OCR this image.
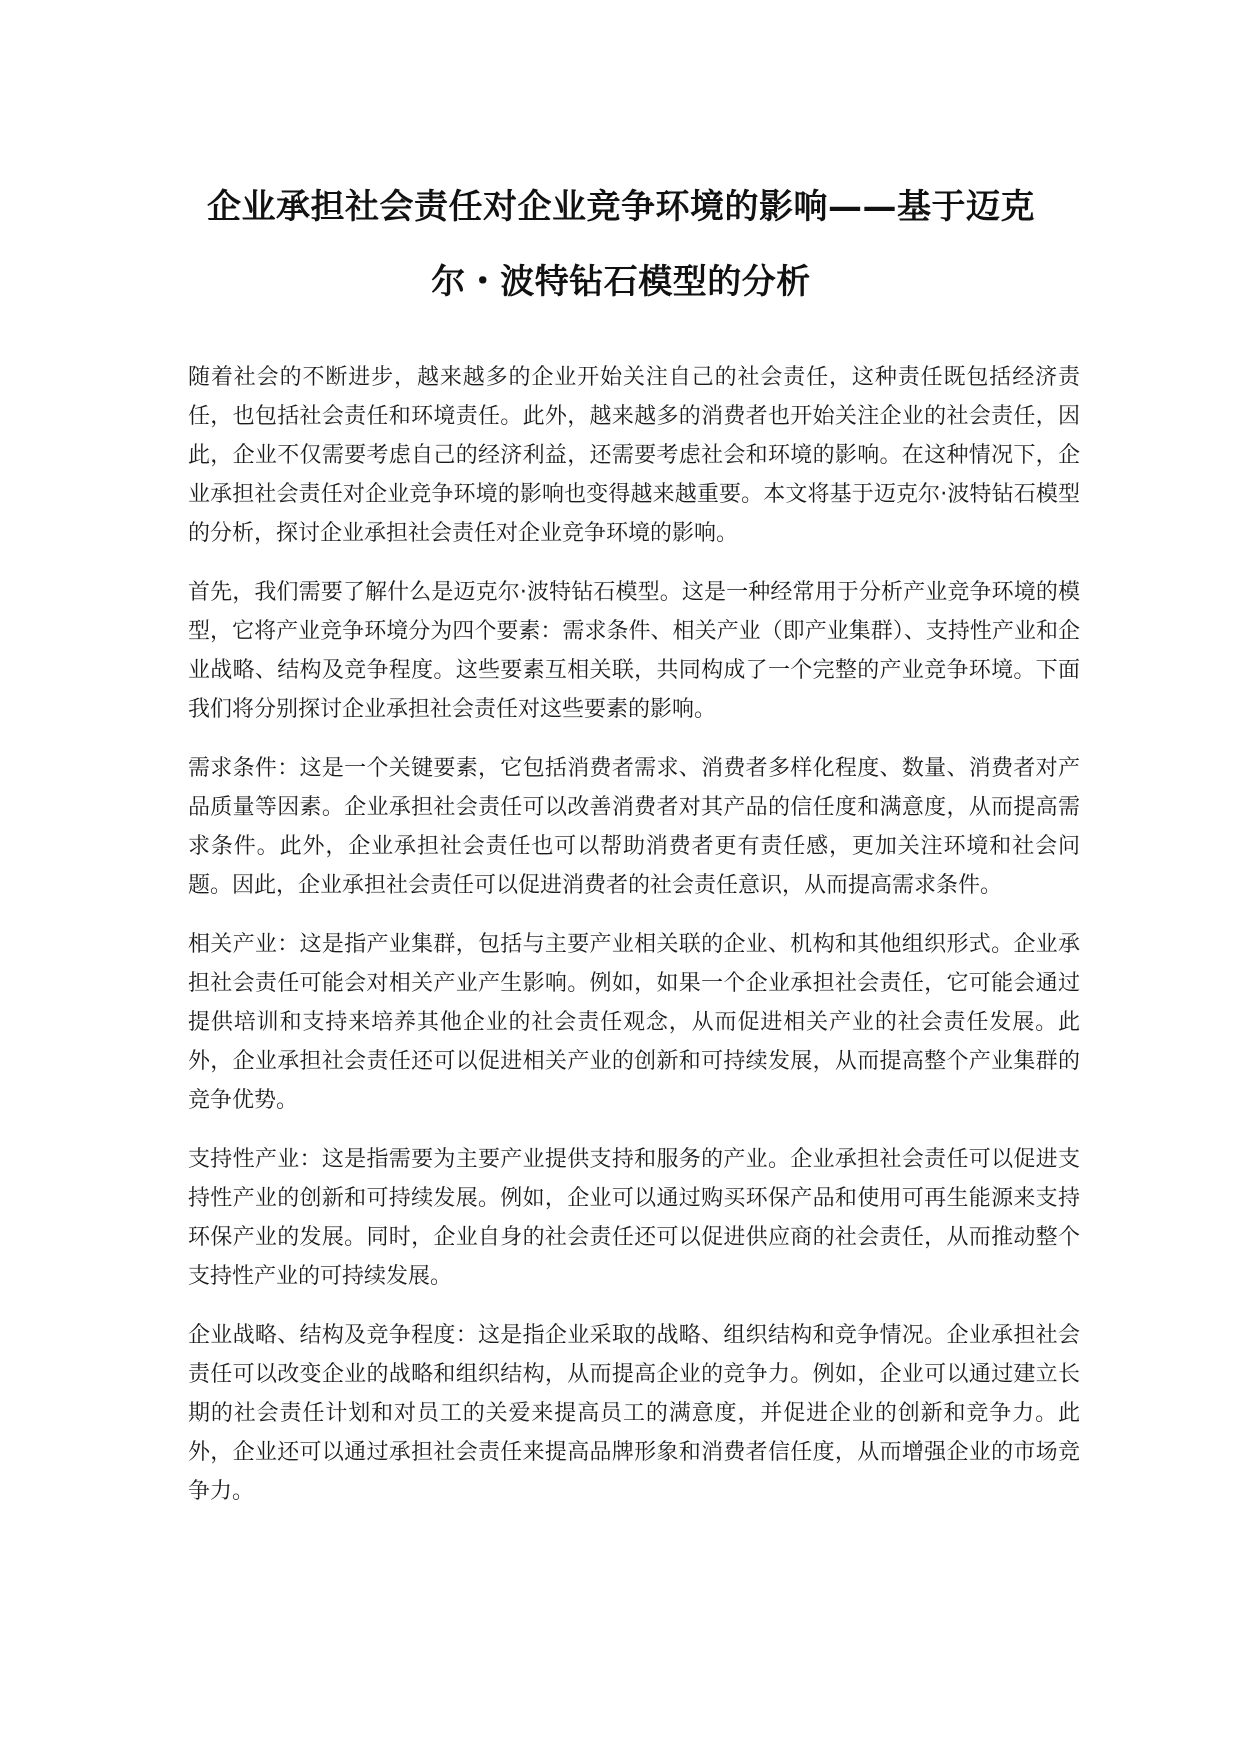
企业承担社会责任对企业竞争环境的影响——基于迈克
尔・波特钻石模型的分析

随着社会的不断进步，越来越多的企业开始关注自己的社会责任，这种责任既包括经济责任，也包括社会责任和环境责任。此外，越来越多的消费者也开始关注企业的社会责任，因此，企业不仅需要考虑自己的经济利益，还需要考虑社会和环境的影响。在这种情况下，企业承担社会责任对企业竞争环境的影响也变得越来越重要。本文将基于迈克尔·波特钻石模型的分析，探讨企业承担社会责任对企业竞争环境的影响。

首先，我们需要了解什么是迈克尔·波特钻石模型。这是一种经常用于分析产业竞争环境的模型，它将产业竞争环境分为四个要素：需求条件、相关产业（即产业集群）、支持性产业和企业战略、结构及竞争程度。这些要素互相关联，共同构成了一个完整的产业竞争环境。下面我们将分别探讨企业承担社会责任对这些要素的影响。

需求条件：这是一个关键要素，它包括消费者需求、消费者多样化程度、数量、消费者对产品质量等因素。企业承担社会责任可以改善消费者对其产品的信任度和满意度，从而提高需求条件。此外，企业承担社会责任也可以帮助消费者更有责任感，更加关注环境和社会问题。因此，企业承担社会责任可以促进消费者的社会责任意识，从而提高需求条件。

相关产业：这是指产业集群，包括与主要产业相关联的企业、机构和其他组织形式。企业承担社会责任可能会对相关产业产生影响。例如，如果一个企业承担社会责任，它可能会通过提供培训和支持来培养其他企业的社会责任观念，从而促进相关产业的社会责任发展。此外，企业承担社会责任还可以促进相关产业的创新和可持续发展，从而提高整个产业集群的竞争优势。

支持性产业：这是指需要为主要产业提供支持和服务的产业。企业承担社会责任可以促进支持性产业的创新和可持续发展。例如，企业可以通过购买环保产品和使用可再生能源来支持环保产业的发展。同时，企业自身的社会责任还可以促进供应商的社会责任，从而推动整个支持性产业的可持续发展。

企业战略、结构及竞争程度：这是指企业采取的战略、组织结构和竞争情况。企业承担社会责任可以改变企业的战略和组织结构，从而提高企业的竞争力。例如，企业可以通过建立长期的社会责任计划和对员工的关爱来提高员工的满意度，并促进企业的创新和竞争力。此外，企业还可以通过承担社会责任来提高品牌形象和消费者信任度，从而增强企业的市场竞争力。
